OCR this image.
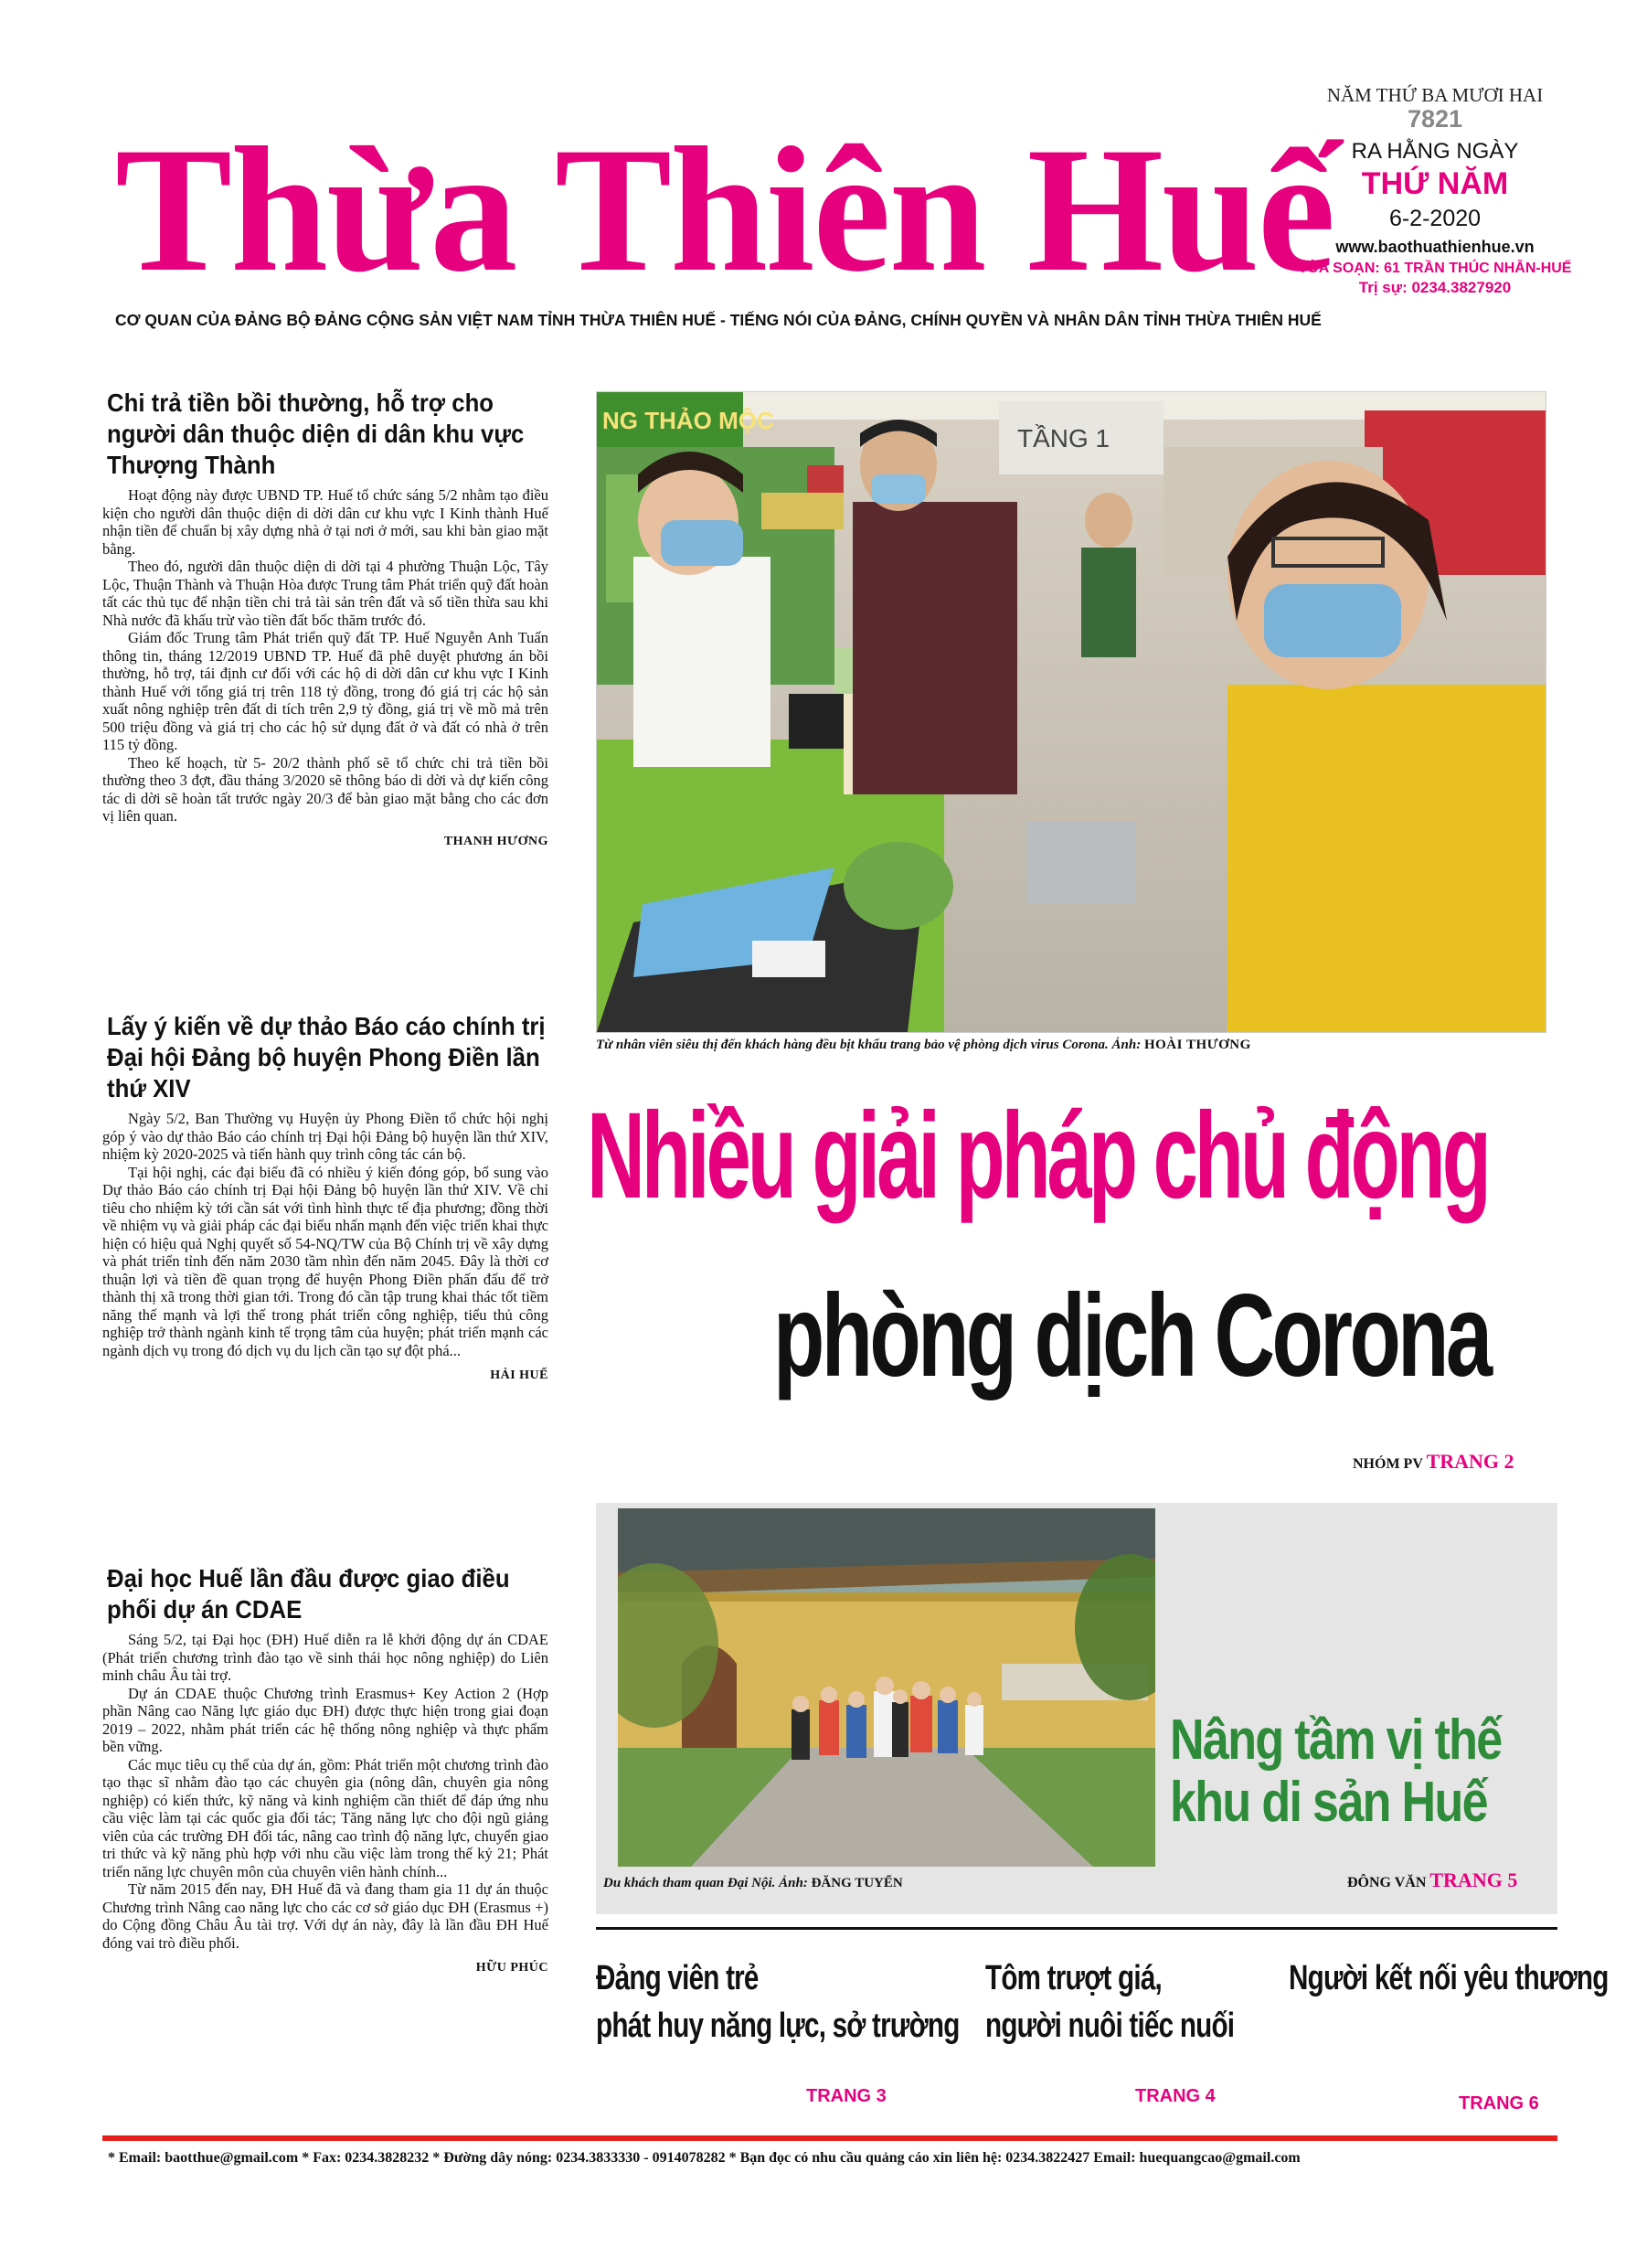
Thừa Thiên Huế
CƠ QUAN CỦA ĐẢNG BỘ ĐẢNG CỘNG SẢN VIỆT NAM TỈNH THỪA THIÊN HUẾ - TIẾNG NÓI CỦA ĐẢNG, CHÍNH QUYỀN VÀ NHÂN DÂN TỈNH THỪA THIÊN HUẾ
NĂM THỨ BA MƯƠI HAI
7821
RA HẰNG NGÀY
THỨ NĂM
6-2-2020
www.baothuathienhue.vn
TÒA SOẠN: 61 TRẦN THÚC NHẪN-HUẾ
Trị sự: 0234.3827920
Chi trả tiền bồi thường, hỗ trợ cho người dân thuộc diện di dân khu vực Thượng Thành

Hoạt động này được UBND TP. Huế tổ chức sáng 5/2 nhằm tạo điều kiện cho người dân thuộc diện di dời dân cư khu vực I Kinh thành Huế nhận tiền để chuẩn bị xây dựng nhà ở tại nơi ở mới, sau khi bàn giao mặt bằng.

Theo đó, người dân thuộc diện di dời tại 4 phường Thuận Lộc, Tây Lộc, Thuận Thành và Thuận Hòa được Trung tâm Phát triển quỹ đất hoàn tất các thủ tục để nhận tiền chi trả tài sản trên đất và số tiền thừa sau khi Nhà nước đã khấu trừ vào tiền đất bốc thăm trước đó.

Giám đốc Trung tâm Phát triển quỹ đất TP. Huế Nguyễn Anh Tuấn thông tin, tháng 12/2019 UBND TP. Huế đã phê duyệt phương án bồi thường, hỗ trợ, tái định cư đối với các hộ di dời dân cư khu vực I Kinh thành Huế với tổng giá trị trên 118 tỷ đồng, trong đó giá trị các hộ sản xuất nông nghiệp trên đất di tích trên 2,9 tỷ đồng, giá trị về mồ mả trên 500 triệu đồng và giá trị cho các hộ sử dụng đất ở và đất có nhà ở trên 115 tỷ đồng.

Theo kế hoạch, từ 5- 20/2 thành phố sẽ tổ chức chi trả tiền bồi thường theo 3 đợt, đầu tháng 3/2020 sẽ thông báo di dời và dự kiến công tác di dời sẽ hoàn tất trước ngày 20/3 để bàn giao mặt bằng cho các đơn vị liên quan.

THANH HƯƠNG
Lấy ý kiến về dự thảo Báo cáo chính trị Đại hội Đảng bộ huyện Phong Điền lần thứ XIV

Ngày 5/2, Ban Thường vụ Huyện ủy Phong Điền tổ chức hội nghị góp ý vào dự thảo Báo cáo chính trị Đại hội Đảng bộ huyện lần thứ XIV, nhiệm kỳ 2020-2025 và tiến hành quy trình công tác cán bộ.

Tại hội nghị, các đại biểu đã có nhiều ý kiến đóng góp, bổ sung vào Dự thảo Báo cáo chính trị Đại hội Đảng bộ huyện lần thứ XIV. Về chỉ tiêu cho nhiệm kỳ tới cần sát với tình hình thực tế địa phương; đồng thời về nhiệm vụ và giải pháp các đại biểu nhấn mạnh đến việc triển khai thực hiện có hiệu quả Nghị quyết số 54-NQ/TW của Bộ Chính trị về xây dựng và phát triển tỉnh đến năm 2030 tầm nhìn đến năm 2045. Đây là thời cơ thuận lợi và tiền đề quan trọng để huyện Phong Điền phấn đấu để trở thành thị xã trong thời gian tới. Trong đó cần tập trung khai thác tốt tiềm năng thế mạnh và lợi thế trong phát triển công nghiệp, tiểu thủ công nghiệp trở thành ngành kinh tế trọng tâm của huyện; phát triển mạnh các ngành dịch vụ trong đó dịch vụ du lịch cần tạo sự đột phá...

HẢI HUẾ
Đại học Huế lần đầu được giao điều phối dự án CDAE

Sáng 5/2, tại Đại học (ĐH) Huế diễn ra lễ khởi động dự án CDAE (Phát triển chương trình đào tạo về sinh thái học nông nghiệp) do Liên minh châu Âu tài trợ.

Dự án CDAE thuộc Chương trình Erasmus+ Key Action 2 (Hợp phần Nâng cao Năng lực giáo dục ĐH) được thực hiện trong giai đoạn 2019 – 2022, nhằm phát triển các hệ thống nông nghiệp và thực phẩm bền vững.

Các mục tiêu cụ thể của dự án, gồm: Phát triển một chương trình đào tạo thạc sĩ nhằm đào tạo các chuyên gia (nông dân, chuyên gia nông nghiệp) có kiến thức, kỹ năng và kinh nghiệm cần thiết để đáp ứng nhu cầu việc làm tại các quốc gia đối tác; Tăng năng lực cho đội ngũ giảng viên của các trường ĐH đối tác, nâng cao trình độ năng lực, chuyển giao tri thức và kỹ năng phù hợp với nhu cầu việc làm trong thế kỷ 21; Phát triển năng lực chuyên môn của chuyên viên hành chính...

Từ năm 2015 đến nay, ĐH Huế đã và đang tham gia 11 dự án thuộc Chương trình Nâng cao năng lực cho các cơ sở giáo dục ĐH (Erasmus +) do Cộng đồng Châu Âu tài trợ. Với dự án này, đây là lần đầu ĐH Huế đóng vai trò điều phối.

HỮU PHÚC
NG THẢO MỘC
TẦNG 1
Từ nhân viên siêu thị đến khách hàng đều bịt khẩu trang bảo vệ phòng dịch virus Corona. Ảnh: HOÀI THƯƠNG
Nhiều giải pháp chủ động
phòng dịch Corona
NHÓM PV TRANG 2
Du khách tham quan Đại Nội. Ảnh: ĐĂNG TUYỂN
Nâng tầm vị thế
khu di sản Huế
ĐÔNG VĂN TRANG 5
Đảng viên trẻ
phát huy năng lực, sở trường
TRANG 3
Tôm trượt giá,
người nuôi tiếc nuối
TRANG 4
Người kết nối yêu thương
TRANG 6
* Email: baotthue@gmail.com * Fax: 0234.3828232 * Đường dây nóng: 0234.3833330 - 0914078282 * Bạn đọc có nhu cầu quảng cáo xin liên hệ: 0234.3822427 Email: huequangcao@gmail.com
